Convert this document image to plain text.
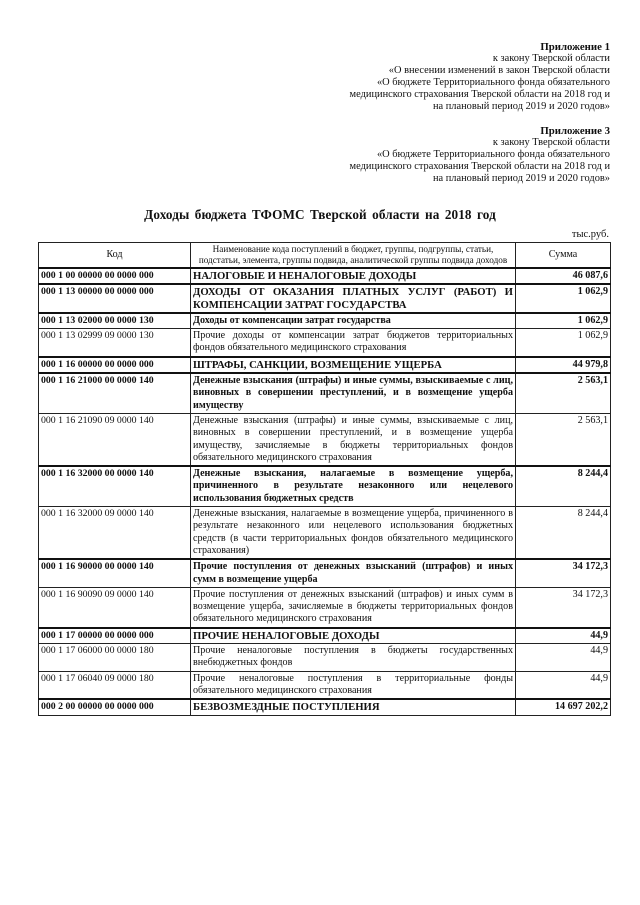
Приложение 1
к закону Тверской области
«О внесении изменений в закон Тверской области
«О бюджете Территориального фонда обязательного
медицинского страхования Тверской области на 2018 год и
на плановый период 2019 и 2020 годов»
Приложение 3
к закону Тверской области
«О бюджете Территориального фонда обязательного
медицинского страхования Тверской области на 2018 год и
на плановый период 2019 и 2020 годов»
Доходы бюджета ТФОМС Тверской области на 2018 год
тыс.руб.
Код	Наименование кода поступлений в бюджет, группы, подгруппы, статьи, подстатьи, элемента, группы подвида, аналитической группы подвида доходов	Сумма
000 1 00 00000 00 0000 000	НАЛОГОВЫЕ И НЕНАЛОГОВЫЕ ДОХОДЫ	46 087,6
000 1 13 00000 00 0000 000	ДОХОДЫ ОТ ОКАЗАНИЯ ПЛАТНЫХ УСЛУГ (РАБОТ) И КОМПЕНСАЦИИ ЗАТРАТ ГОСУДАРСТВА	1 062,9
000 1 13 02000 00 0000 130	Доходы от компенсации затрат государства	1 062,9
000 1 13 02999 09 0000 130	Прочие доходы от компенсации затрат бюджетов территориальных фондов обязательного медицинского страхования	1 062,9
000 1 16 00000 00 0000 000	ШТРАФЫ, САНКЦИИ, ВОЗМЕЩЕНИЕ УЩЕРБА	44 979,8
000 1 16 21000 00 0000 140	Денежные взыскания (штрафы) и иные суммы, взыскиваемые с лиц, виновных в совершении преступлений, и в возмещение ущерба имуществу	2 563,1
000 1 16 21090 09 0000 140	Денежные взыскания (штрафы) и иные суммы, взыскиваемые с лиц, виновных в совершении преступлений, и в возмещение ущерба имуществу, зачисляемые в бюджеты территориальных фондов обязательного медицинского страхования	2 563,1
000 1 16 32000 00 0000 140	Денежные взыскания, налагаемые в возмещение ущерба, причиненного в результате незаконного или нецелевого использования бюджетных средств	8 244,4
000 1 16 32000 09 0000 140	Денежные взыскания, налагаемые в возмещение ущерба, причиненного в результате незаконного или нецелевого использования бюджетных средств (в части территориальных фондов обязательного медицинского страхования)	8 244,4
000 1 16 90000 00 0000 140	Прочие поступления от денежных взысканий (штрафов) и иных сумм в возмещение ущерба	34 172,3
000 1 16 90090 09 0000 140	Прочие поступления от денежных взысканий (штрафов) и иных сумм в возмещение ущерба, зачисляемые в бюджеты территориальных фондов обязательного медицинского страхования	34 172,3
000 1 17 00000 00 0000 000	ПРОЧИЕ НЕНАЛОГОВЫЕ ДОХОДЫ	44,9
000 1 17 06000 00 0000 180	Прочие неналоговые поступления в бюджеты государственных внебюджетных фондов	44,9
000 1 17 06040 09 0000 180	Прочие неналоговые поступления в территориальные фонды обязательного медицинского страхования	44,9
000 2 00 00000 00 0000 000	БЕЗВОЗМЕЗДНЫЕ ПОСТУПЛЕНИЯ	14 697 202,2
